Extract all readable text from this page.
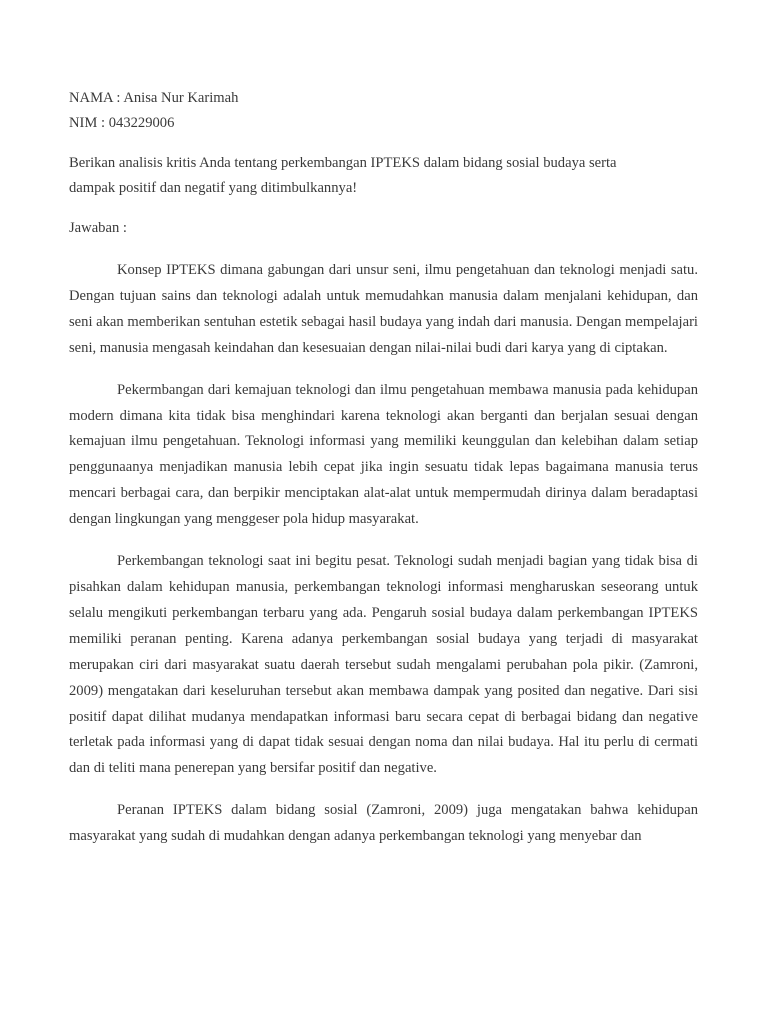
NAMA : Anisa Nur Karimah
NIM : 043229006

Berikan analisis kritis Anda tentang perkembangan IPTEKS dalam bidang sosial budaya serta

dampak positif dan negatif yang ditimbulkannya!

Jawaban :

Konsep IPTEKS dimana gabungan dari unsur seni, ilmu pengetahuan dan teknologi menjadi satu. Dengan tujuan sains dan teknologi adalah untuk memudahkan manusia dalam menjalani kehidupan, dan seni akan memberikan sentuhan estetik sebagai hasil budaya yang indah dari manusia. Dengan mempelajari seni, manusia mengasah keindahan dan kesesuaian dengan nilai-nilai budi dari karya yang di ciptakan.

Pekermbangan dari kemajuan teknologi dan ilmu pengetahuan membawa manusia pada kehidupan modern dimana kita tidak bisa menghindari karena teknologi akan berganti dan berjalan sesuai dengan kemajuan ilmu pengetahuan. Teknologi informasi yang memiliki keunggulan dan kelebihan dalam setiap penggunaanya menjadikan manusia lebih cepat jika ingin sesuatu tidak lepas bagaimana manusia terus mencari berbagai cara, dan berpikir menciptakan alat-alat untuk mempermudah dirinya dalam beradaptasi dengan lingkungan yang menggeser pola hidup masyarakat.

Perkembangan teknologi saat ini begitu pesat. Teknologi sudah menjadi bagian yang tidak bisa di pisahkan dalam kehidupan manusia, perkembangan teknologi informasi mengharuskan seseorang untuk selalu mengikuti perkembangan terbaru yang ada. Pengaruh sosial budaya dalam perkembangan IPTEKS memiliki peranan penting. Karena adanya perkembangan sosial budaya yang terjadi di masyarakat merupakan ciri dari masyarakat suatu daerah tersebut sudah mengalami perubahan pola pikir. (Zamroni, 2009) mengatakan dari keseluruhan tersebut akan membawa dampak yang posited dan negative. Dari sisi positif dapat dilihat mudanya mendapatkan informasi baru secara cepat di berbagai bidang dan negative terletak pada informasi yang di dapat tidak sesuai dengan noma dan nilai budaya. Hal itu perlu di cermati dan di teliti mana penerepan yang bersifar positif dan negative.

Peranan IPTEKS dalam bidang sosial (Zamroni, 2009) juga mengatakan bahwa kehidupan masyarakat yang sudah di mudahkan dengan adanya perkembangan teknologi yang menyebar dan
